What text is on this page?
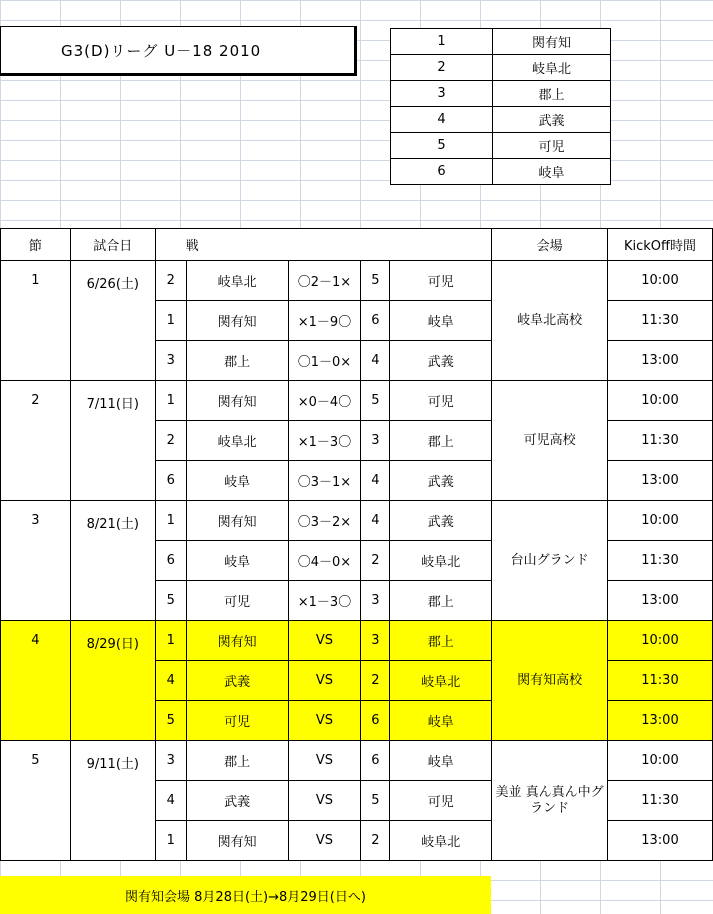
G3(D)リーグ U－18 2010	1	関有知
2	岐阜北
3	郡上
4	武義
5	可児
6	岐阜
節	試合日	戦					会場	KickOff時間
1	6/26(土)	2	岐阜北	〇2－1×	5	可児	岐阜北高校	10:00
		1	関有知	×1－9〇	6	岐阜		11:30
		3	郡上	〇1－0×	4	武義		13:00
2	7/11(日)	1	関有知	×0－4〇	5	可児	可児高校	10:00
		2	岐阜北	×1－3〇	3	郡上		11:30
		6	岐阜	〇3－1×	4	武義		13:00
3	8/21(土)	1	関有知	〇3－2×	4	武義	台山グランド	10:00
		6	岐阜	〇4－0×	2	岐阜北		11:30
		5	可児	×1－3〇	3	郡上		13:00
4	8/29(日)	1	関有知	VS	3	郡上	関有知高校	10:00
		4	武義	VS	2	岐阜北		11:30
		5	可児	VS	6	岐阜		13:00
5	9/11(土)	3	郡上	VS	6	岐阜	美並 真ん真ん中グランド	10:00
		4	武義	VS	5	可児		11:30
		1	関有知	VS	2	岐阜北		13:00
関有知会場 8月28日(土)→8月29日(日へ)
